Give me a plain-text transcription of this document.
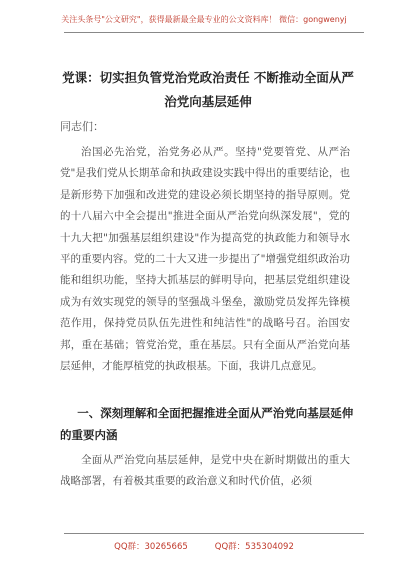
关注头条号"公文研究"，获得最新最全最专业的公文资料库！ 微信：gongwenyj
党课：切实担负管党治党政治责任 不断推动全面从严治党向基层延伸
同志们：

治国必先治党，治党务必从严。坚持"党要管党、从严治党"是我们党从长期革命和执政建设实践中得出的重要结论，也是新形势下加强和改进党的建设必须长期坚持的指导原则。党的十八届六中全会提出"推进全面从严治党向纵深发展"，党的十九大把"加强基层组织建设"作为提高党的执政能力和领导水平的重要内容。党的二十大又进一步提出了"增强党组织政治功能和组织功能，坚持大抓基层的鲜明导向，把基层党组织建设成为有效实现党的领导的坚强战斗堡垒，激励党员发挥先锋模范作用，保持党员队伍先进性和纯洁性"的战略号召。治国安邦，重在基础；管党治党，重在基层。只有全面从严治党向基层延伸，才能厚植党的执政根基。下面，我讲几点意见。

一、深刻理解和全面把握推进全面从严治党向基层延伸的重要内涵

全面从严治党向基层延伸，是党中央在新时期做出的重大战略部署，有着极其重要的政治意义和时代价值，必须

QQ群：30265665          QQ群：535304092
